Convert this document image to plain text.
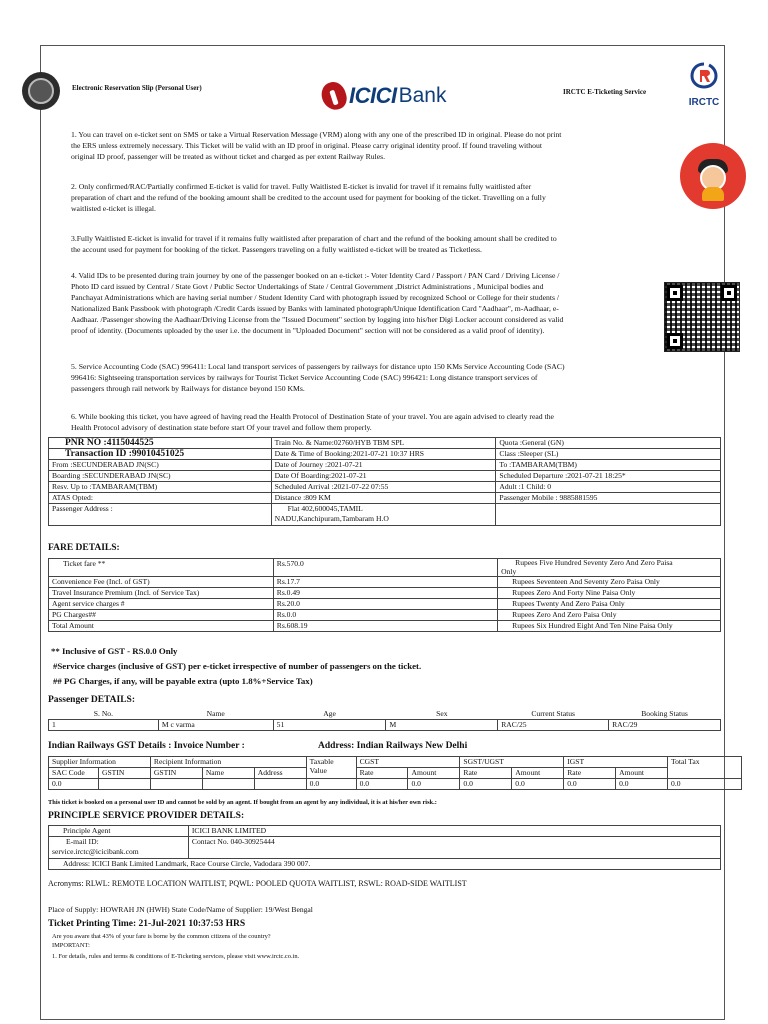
Electronic Reservation Slip (Personal User)	ICICI Bank	IRCTC E-Ticketing Service
IRCTC
1. You can travel on e-ticket sent on SMS or take a Virtual Reservation Message (VRM) along with any one of the prescribed ID in original. Please do not print
the ERS unless extremely necessary. This Ticket will be valid with an ID proof in original. Please carry original identity proof. If found traveling without
original ID proof, passenger will be treated as without ticket and charged as per extent Railway Rules.
2. Only confirmed/RAC/Partially confirmed E-ticket is valid for travel. Fully Waitlisted E-ticket is invalid for travel if it remains fully waitlisted after
preparation of chart and the refund of the booking amount shall be credited to the account used for payment for booking of the ticket. Travelling on a fully
waitlisted e-ticket is illegal.
3.Fully Waitlisted E-ticket is invalid for travel if it remains fully waitlisted after preparation of chart and the refund of the booking amount shall be credited to
the account used for payment for booking of the ticket. Passengers traveling on a fully waitlisted e-ticket will be treated as Ticketless.
4. Valid IDs to be presented during train journey by one of the passenger booked on an e-ticket :- Voter Identity Card / Passport / PAN Card / Driving License /
Photo ID card issued by Central / State Govt / Public Sector Undertakings of State / Central Government ,District Administrations , Municipal bodies and
Panchayat Administrations which are having serial number / Student Identity Card with photograph issued by recognized School or College for their students /
Nationalized Bank Passbook with photograph /Credit Cards issued by Banks with laminated photograph/Unique Identification Card "Aadhaar", m-Aadhaar, e-
Aadhaar. /Passenger showing the Aadhaar/Driving License from the "Issued Document" section by logging into his/her Digi Locker account considered as valid
proof of identity. (Documents uploaded by the user i.e. the document in "Uploaded Document" section will not be considered as a valid proof of identity).
5. Service Accounting Code (SAC) 996411: Local land transport services of passengers by railways for distance upto 150 KMs Service Accounting Code (SAC)
996416: Sightseeing transportation services by railways for Tourist Ticket Service Accounting Code (SAC) 996421: Long distance transport services of
passengers through rail network by Railways for distance beyond 150 KMs.
6. While booking this ticket, you have agreed of having read the Health Protocol of Destination State of your travel. You are again advised to clearly read the
Health Protocol advisory of destination state before start Of your travel and follow them properly.
PNR NO :4115044525	Train No. & Name:02760/HYB TBM SPL	Quota :General (GN)
Transaction ID :99010451025	Date & Time of Booking:2021-07-21 10:37 HRS	Class :Sleeper (SL)
From :SECUNDERABAD JN(SC)	Date of Journey :2021-07-21	To :TAMBARAM(TBM)
Boarding :SECUNDERABAD JN(SC)	Date Of Boarding:2021-07-21	Scheduled Departure :2021-07-21 18:25*
Resv. Up to :TAMBARAM(TBM)	Scheduled Arrival :2021-07-22 07:55	Adult :1 Child: 0
ATAS Opted:	Distance :809 KM	Passenger Mobile : 9885881595
Passenger Address :	Flat 402,600045,TAMIL
NADU,Kanchipuram,Tambaram H.O	

FARE DETAILS:
Ticket fare **	Rs.570.0	Rupees Five Hundred Seventy Zero And Zero Paisa
Only

Convenience Fee (Incl. of GST)	Rs.17.7	Rupees Seventeen And Seventy Zero Paisa Only
Travel Insurance Premium (Incl. of Service Tax)	Rs.0.49	Rupees Zero And Forty Nine Paisa Only
Agent service charges #	Rs.20.0	Rupees Twenty And Zero Paisa Only
PG Charges##	Rs.0.0	Rupees Zero And Zero Paisa Only
Total Amount	Rs.608.19	Rupees Six Hundred Eight And Ten Nine Paisa Only
** Inclusive of GST - RS.0.0 Only
#Service charges (inclusive of GST) per e-ticket irrespective of number of passengers on the ticket.
## PG Charges, if any, will be payable extra (upto 1.8%+Service Tax)
Passenger DETAILS:
S. No.	Name	Age	Sex	Current Status	Booking Status
1	M c varma	51	M	RAC/25	RAC/29
Indian Railways GST Details : Invoice Number :	Address: Indian Railways New Delhi
Supplier Information		Recipient Information			Taxable Value	CGST		SGST/UGST		IGST		Total Tax
SAC Code	GSTIN	GSTIN	Name	Address		Rate	Amount	Rate	Amount	Rate	Amount	
0.0					0.0	0.0	0.0	0.0	0.0	0.0	0.0	0.0
This ticket is booked on a personal user ID and cannot be sold by an agent. If bought from an agent by any individual, it is at his/her own risk.:
PRINCIPLE SERVICE PROVIDER DETAILS:
Principle Agent	ICICI BANK LIMITED

E-mail ID:
service.irctc@icicibank.com	Contact No. 040-30925444
Address: ICICI Bank Limited Landmark, Race Course Circle, Vadodara 390 007.	
Acronyms: RLWL: REMOTE LOCATION WAITLIST, PQWL: POOLED QUOTA WAITLIST, RSWL: ROAD-SIDE WAITLIST
Place of Supply: HOWRAH JN (HWH) State Code/Name of Supplier: 19/West Bengal
Ticket Printing Time: 21-Jul-2021 10:37:53 HRS
Are you aware that 43% of your fare is borne by the common citizens of the country?
IMPORTANT:
1. For details, rules and terms & conditions of E-Ticketing services, please visit www.irctc.co.in.
